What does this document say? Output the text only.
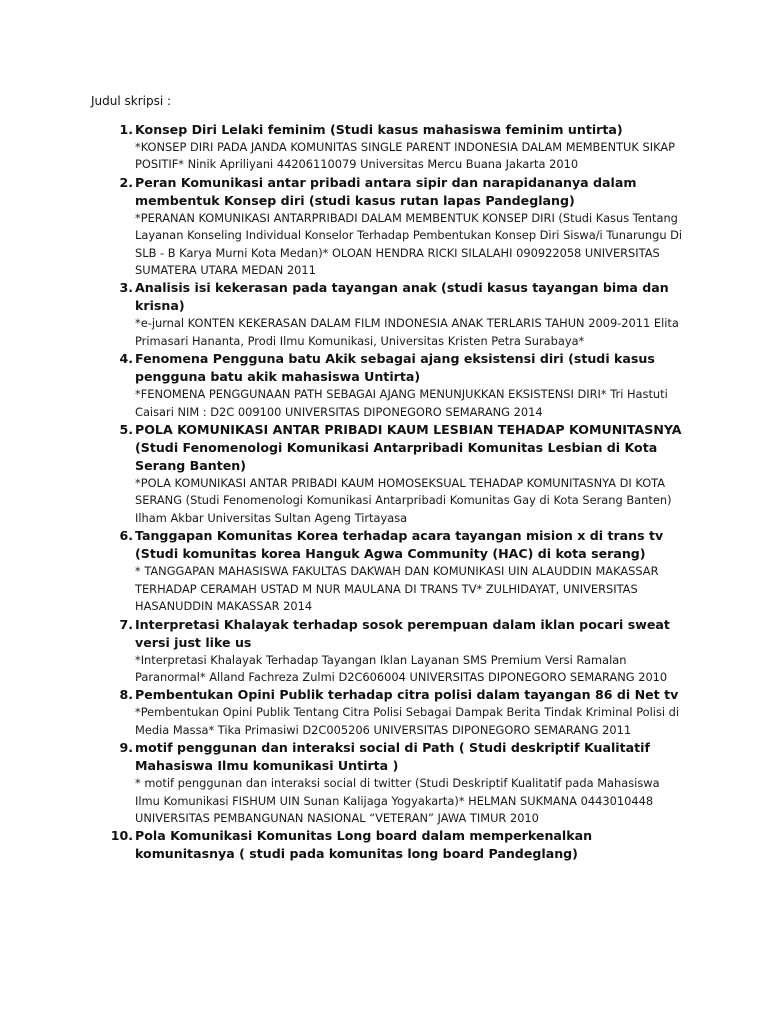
Judul skripsi :
1. Konsep Diri Lelaki feminim (Studi kasus mahasiswa feminim untirta)
*KONSEP DIRI PADA JANDA KOMUNITAS SINGLE PARENT INDONESIA DALAM MEMBENTUK SIKAP POSITIF* Ninik Apriliyani 44206110079 Universitas Mercu Buana Jakarta 2010
2. Peran Komunikasi antar pribadi antara sipir dan narapidananya dalam membentuk Konsep diri (studi kasus rutan lapas Pandeglang)
*PERANAN KOMUNIKASI ANTARPRIBADI DALAM MEMBENTUK KONSEP DIRI (Studi Kasus Tentang Layanan Konseling Individual Konselor Terhadap Pembentukan Konsep Diri Siswa/i Tunarungu Di SLB - B Karya Murni Kota Medan)* OLOAN HENDRA RICKI SILALAHI 090922058 UNIVERSITAS SUMATERA UTARA MEDAN 2011
3. Analisis isi kekerasan pada tayangan anak (studi kasus tayangan bima dan krisna)
*e-jurnal KONTEN KEKERASAN DALAM FILM INDONESIA ANAK TERLARIS TAHUN 2009-2011 Elita Primasari Hananta, Prodi Ilmu Komunikasi, Universitas Kristen Petra Surabaya*
4. Fenomena Pengguna batu Akik sebagai ajang eksistensi diri (studi kasus pengguna batu akik mahasiswa Untirta)
*FENOMENA PENGGUNAAN PATH SEBAGAI AJANG MENUNJUKKAN EKSISTENSI DIRI* Tri Hastuti Caisari NIM : D2C 009100 UNIVERSITAS DIPONEGORO SEMARANG 2014
5. POLA KOMUNIKASI ANTAR PRIBADI KAUM LESBIAN TEHADAP KOMUNITASNYA (Studi Fenomenologi Komunikasi Antarpribadi Komunitas Lesbian di Kota Serang Banten)
*POLA KOMUNIKASI ANTAR PRIBADI KAUM HOMOSEKSUAL TEHADAP KOMUNITASNYA DI KOTA SERANG (Studi Fenomenologi Komunikasi Antarpribadi Komunitas Gay di Kota Serang Banten) Ilham Akbar Universitas Sultan Ageng Tirtayasa
6. Tanggapan Komunitas Korea terhadap acara tayangan mision x di trans tv (Studi komunitas korea Hanguk Agwa Community (HAC) di kota serang)
* TANGGAPAN MAHASISWA FAKULTAS DAKWAH DAN KOMUNIKASI UIN ALAUDDIN MAKASSAR TERHADAP CERAMAH USTAD M NUR MAULANA DI TRANS TV* ZULHIDAYAT, UNIVERSITAS HASANUDDIN MAKASSAR 2014
7. Interpretasi Khalayak terhadap sosok perempuan dalam iklan pocari sweat versi just like us
*Interpretasi Khalayak Terhadap Tayangan Iklan Layanan SMS Premium Versi Ramalan Paranormal* Alland Fachreza Zulmi D2C606004 UNIVERSITAS DIPONEGORO SEMARANG 2010
8. Pembentukan Opini Publik terhadap citra polisi dalam tayangan 86 di Net tv
*Pembentukan Opini Publik Tentang Citra Polisi Sebagai Dampak Berita Tindak Kriminal Polisi di Media Massa* Tika Primasiwi D2C005206 UNIVERSITAS DIPONEGORO SEMARANG 2011
9. motif penggunan dan interaksi social di Path ( Studi deskriptif Kualitatif Mahasiswa Ilmu komunikasi Untirta )
* motif penggunan dan interaksi social di twitter (Studi Deskriptif Kualitatif pada Mahasiswa Ilmu Komunikasi FISHUM UIN Sunan Kalijaga Yogyakarta)* HELMAN SUKMANA 0443010448 UNIVERSITAS PEMBANGUNAN NASIONAL “VETERAN” JAWA TIMUR 2010
10. Pola Komunikasi Komunitas Long board dalam memperkenalkan komunitasnya ( studi pada komunitas long board Pandeglang)
